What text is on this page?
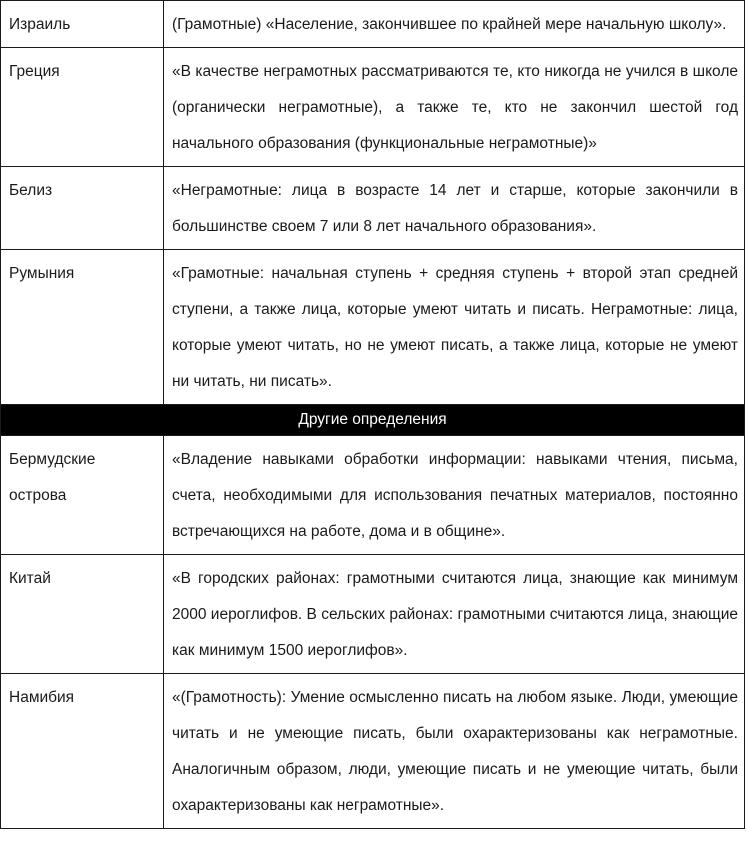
Израиль	(Грамотные) «Население, закончившее по крайней мере начальную школу».
Греция	«В качестве неграмотных рассматриваются те, кто никогда не учился в школе (органически неграмотные), а также те, кто не закончил шестой год начального образования (функциональные неграмотные)»
Белиз	«Неграмотные: лица в возрасте 14 лет и старше, которые закончили в большинстве своем 7 или 8 лет начального образования».
Румыния	«Грамотные: начальная ступень + средняя ступень + второй этап средней ступени, а также лица, которые умеют читать и писать. Неграмотные: лица, которые умеют читать, но не умеют писать, а также лица, которые не умеют ни читать, ни писать».
Другие определения	
Бермудские острова	«Владение навыками обработки информации: навыками чтения, письма, счета, необходимыми для использования печатных материалов, постоянно встречающихся на работе, дома и в общине».
Китай	«В городских районах: грамотными считаются лица, знающие как минимум 2000 иероглифов. В сельских районах: грамотными считаются лица, знающие как минимум 1500 иероглифов».
Намибия	«(Грамотность): Умение осмысленно писать на любом языке. Люди, умеющие читать и не умеющие писать, были охарактеризованы как неграмотные. Аналогичным образом, люди, умеющие писать и не умеющие читать, были охарактеризованы как неграмотные».
